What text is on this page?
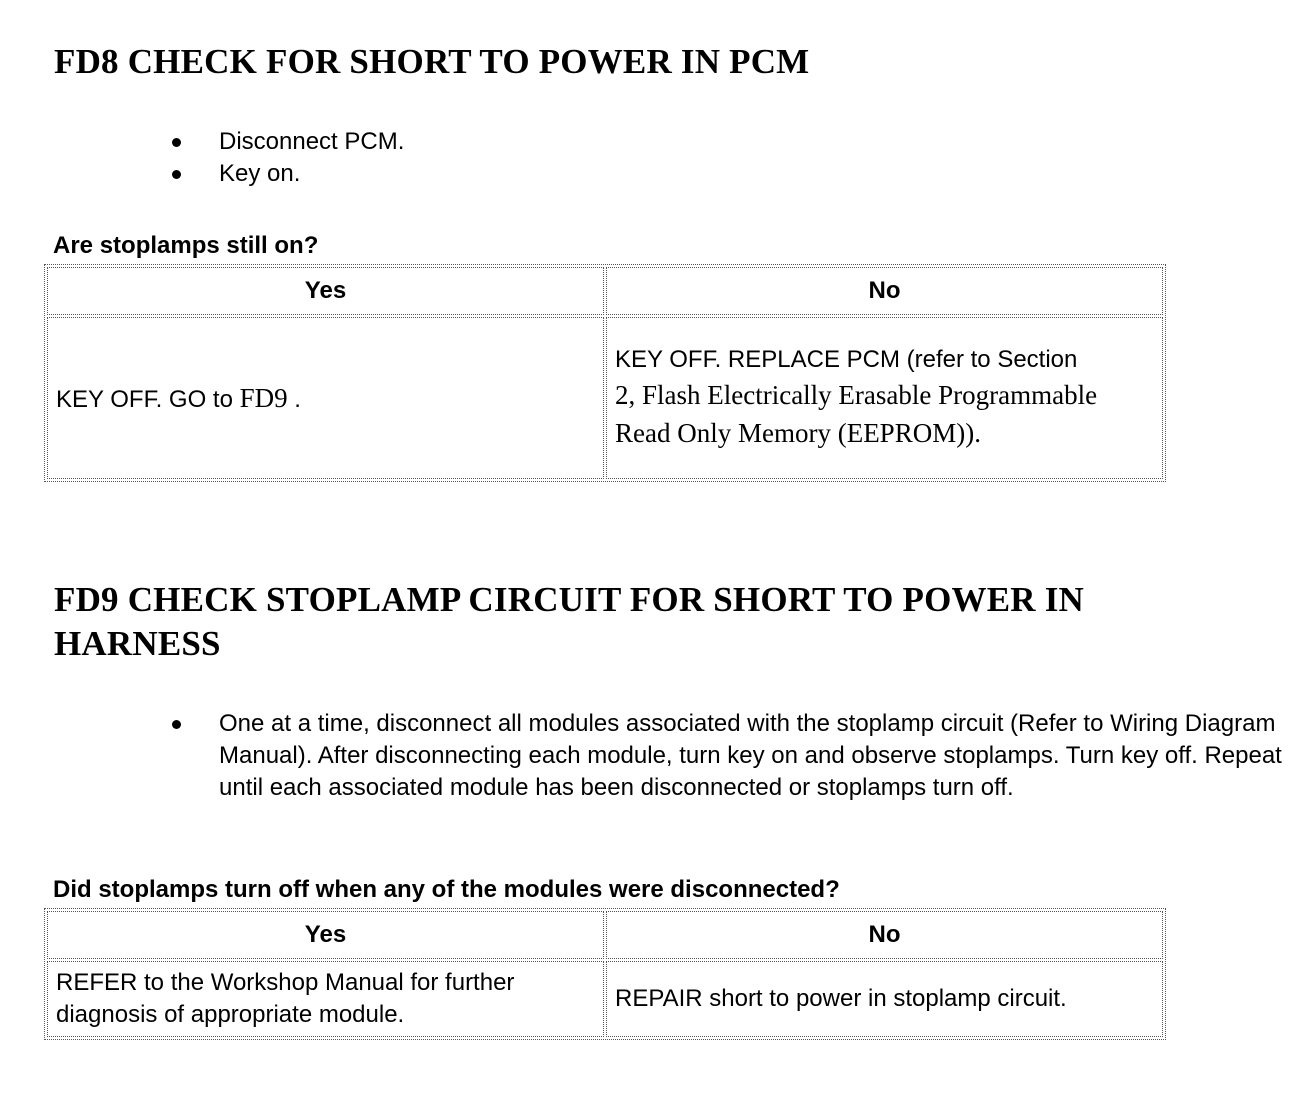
FD8 CHECK FOR SHORT TO POWER IN PCM
Disconnect PCM.
Key on.

Are stoplamps still on?

Yes	No
KEY OFF. GO to FD9 .	KEY OFF. REPLACE PCM (refer to Section
2, Flash Electrically Erasable Programmable Read Only Memory (EEPROM)).
FD9 CHECK STOPLAMP CIRCUIT FOR SHORT TO POWER IN
HARNESS
One at a time, disconnect all modules associated with the stoplamp circuit (Refer to Wiring Diagram Manual). After disconnecting each module, turn key on and observe stoplamps. Turn key off. Repeat until each associated module has been disconnected or stoplamps turn off.

Did stoplamps turn off when any of the modules were disconnected?

Yes	No
REFER to the Workshop Manual for further diagnosis of appropriate module.	REPAIR short to power in stoplamp circuit.
